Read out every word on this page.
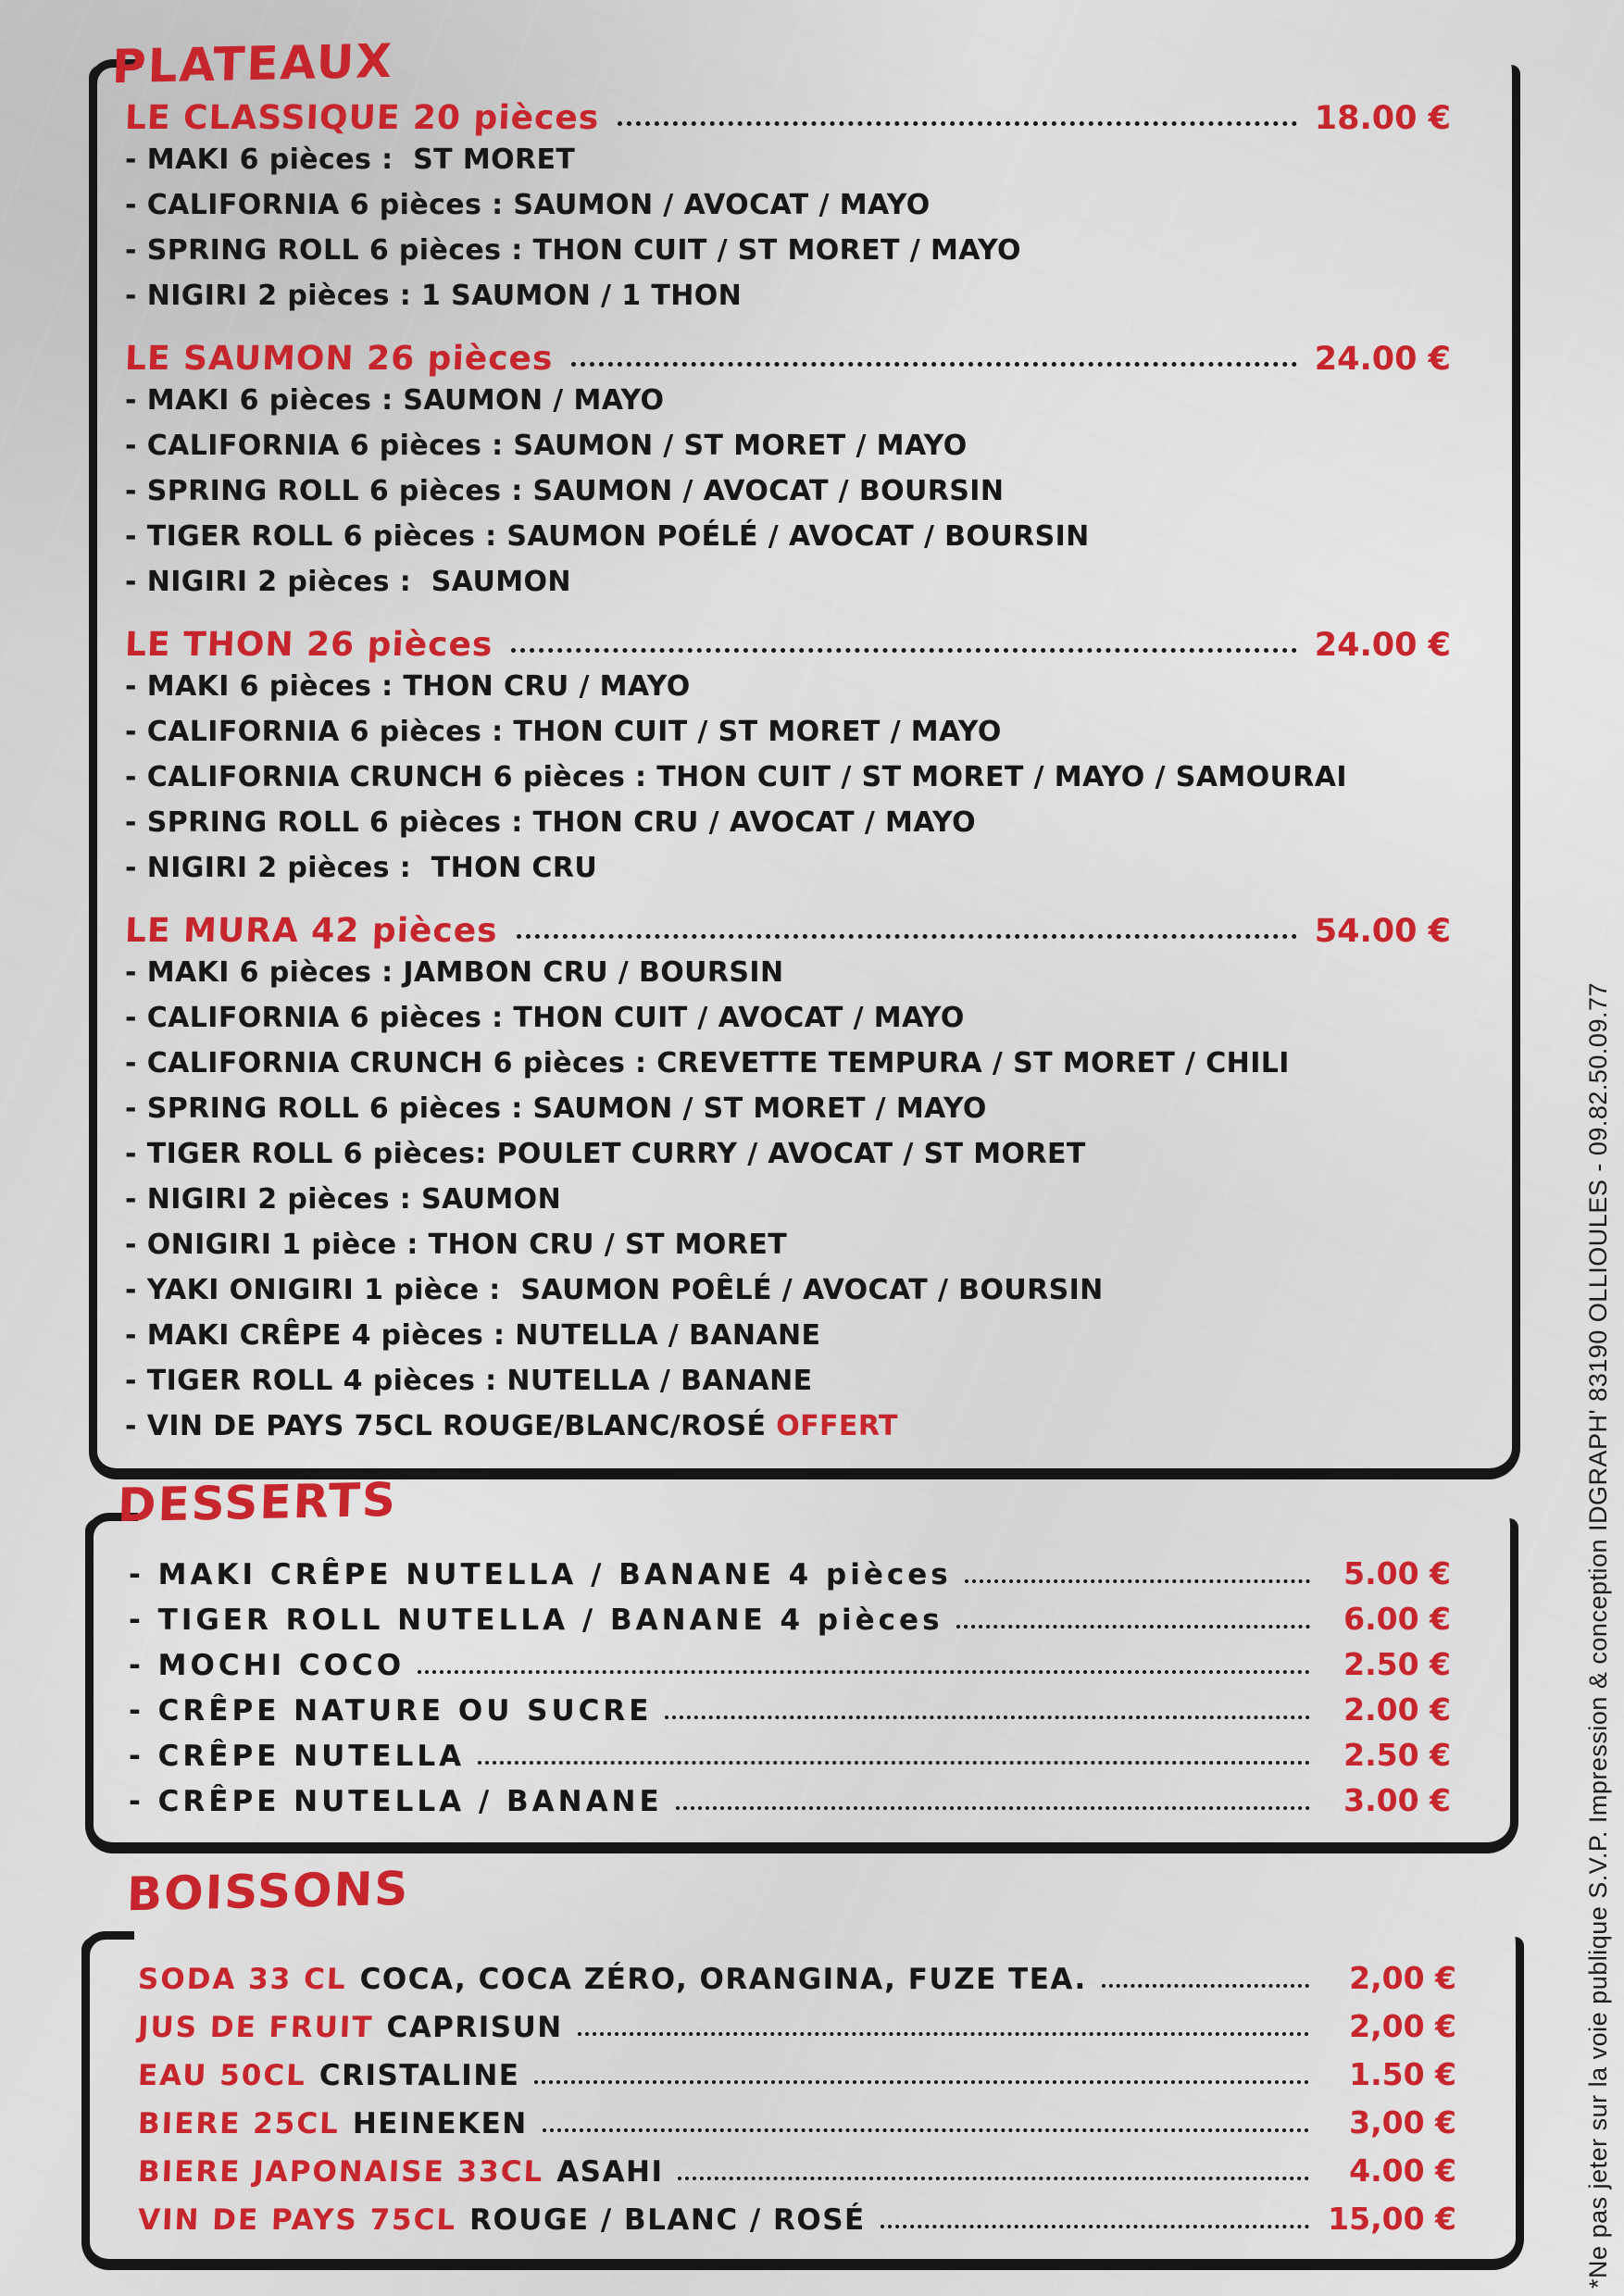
PLATEAUX
LE CLASSIQUE 20 pièces	18.00 €
- MAKI 6 pièces :  ST MORET
- CALIFORNIA 6 pièces : SAUMON / AVOCAT / MAYO
- SPRING ROLL 6 pièces : THON CUIT / ST MORET / MAYO
- NIGIRI 2 pièces : 1 SAUMON / 1 THON
LE SAUMON 26 pièces	24.00 €
- MAKI 6 pièces : SAUMON / MAYO
- CALIFORNIA 6 pièces : SAUMON / ST MORET / MAYO
- SPRING ROLL 6 pièces : SAUMON / AVOCAT / BOURSIN
- TIGER ROLL 6 pièces : SAUMON POÉLÉ / AVOCAT / BOURSIN
- NIGIRI 2 pièces :  SAUMON
LE THON 26 pièces	24.00 €
- MAKI 6 pièces : THON CRU / MAYO
- CALIFORNIA 6 pièces : THON CUIT / ST MORET / MAYO
- CALIFORNIA CRUNCH 6 pièces : THON CUIT / ST MORET / MAYO / SAMOURAI
- SPRING ROLL 6 pièces : THON CRU / AVOCAT / MAYO
- NIGIRI 2 pièces :  THON CRU
LE MURA 42 pièces	54.00 €
- MAKI 6 pièces : JAMBON CRU / BOURSIN
- CALIFORNIA 6 pièces : THON CUIT / AVOCAT / MAYO
- CALIFORNIA CRUNCH 6 pièces : CREVETTE TEMPURA / ST MORET / CHILI
- SPRING ROLL 6 pièces : SAUMON / ST MORET / MAYO
- TIGER ROLL 6 pièces: POULET CURRY / AVOCAT / ST MORET
- NIGIRI 2 pièces : SAUMON
- ONIGIRI 1 pièce : THON CRU / ST MORET
- YAKI ONIGIRI 1 pièce :  SAUMON POÊLÉ / AVOCAT / BOURSIN
- MAKI CRÊPE 4 pièces : NUTELLA / BANANE
- TIGER ROLL 4 pièces : NUTELLA / BANANE
- VIN DE PAYS 75CL ROUGE/BLANC/ROSÉ OFFERT
DESSERTS
- MAKI CRÊPE NUTELLA / BANANE 4 pièces	5.00 €
- TIGER ROLL NUTELLA / BANANE 4 pièces	6.00 €
- MOCHI COCO	2.50 €
- CRÊPE NATURE OU SUCRE	2.00 €
- CRÊPE NUTELLA	2.50 €
- CRÊPE NUTELLA / BANANE	3.00 €
BOISSONS
SODA 33 CL COCA, COCA ZÉRO, ORANGINA, FUZE TEA.	2,00 €
JUS DE FRUIT CAPRISUN	2,00 €
EAU 50CL CRISTALINE	1.50 €
BIERE 25CL HEINEKEN	3,00 €
BIERE JAPONAISE 33CL ASAHI	4.00 €
VIN DE PAYS 75CL ROUGE / BLANC / ROSÉ	15,00 €	*Ne pas jeter sur la voie publique S.V.P. Impression & conception IDGRAPH' 83190 OLLIOULES - 09.82.50.09.77
